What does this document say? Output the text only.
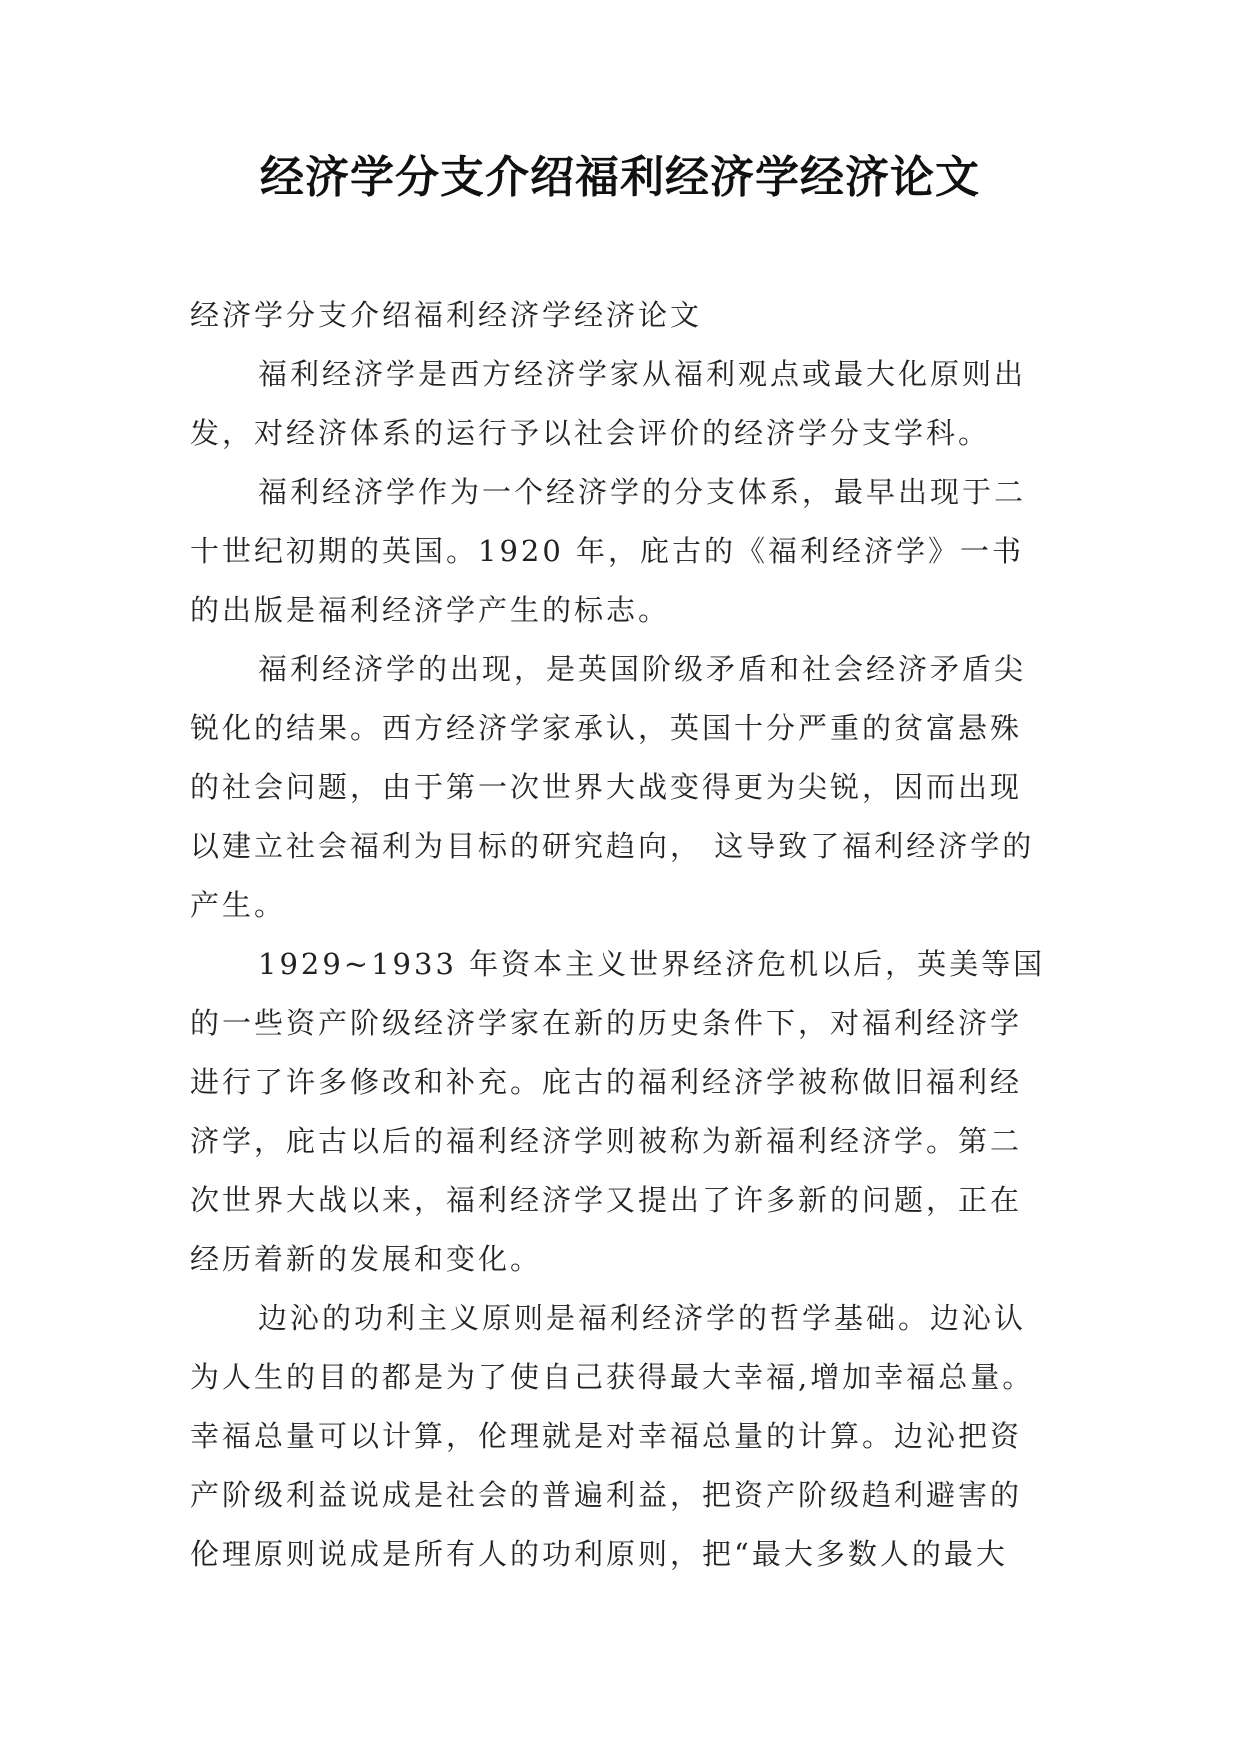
经济学分支介绍福利经济学经济论文

经济学分支介绍福利经济学经济论文

福利经济学是西方经济学家从福利观点或最大化原则出发，对经济体系的运行予以社会评价的经济学分支学科。

福利经济学作为一个经济学的分支体系，最早出现于二十世纪初期的英国。1920 年，庇古的《福利经济学》一书的出版是福利经济学产生的标志。

福利经济学的出现，是英国阶级矛盾和社会经济矛盾尖锐化的结果。西方经济学家承认，英国十分严重的贫富悬殊的社会问题，由于第一次世界大战变得更为尖锐，因而出现以建立社会福利为目标的研究趋向， 这导致了福利经济学的产生。

1929~1933 年资本主义世界经济危机以后，英美等国的一些资产阶级经济学家在新的历史条件下，对福利经济学进行了许多修改和补充。庇古的福利经济学被称做旧福利经济学，庇古以后的福利经济学则被称为新福利经济学。第二次世界大战以来，福利经济学又提出了许多新的问题，正在经历着新的发展和变化。

边沁的功利主义原则是福利经济学的哲学基础。边沁认为人生的目的都是为了使自己获得最大幸福,增加幸福总量。幸福总量可以计算，伦理就是对幸福总量的计算。边沁把资产阶级利益说成是社会的普遍利益，把资产阶级趋利避害的伦理原则说成是所有人的功利原则，把“最大多数人的最大
